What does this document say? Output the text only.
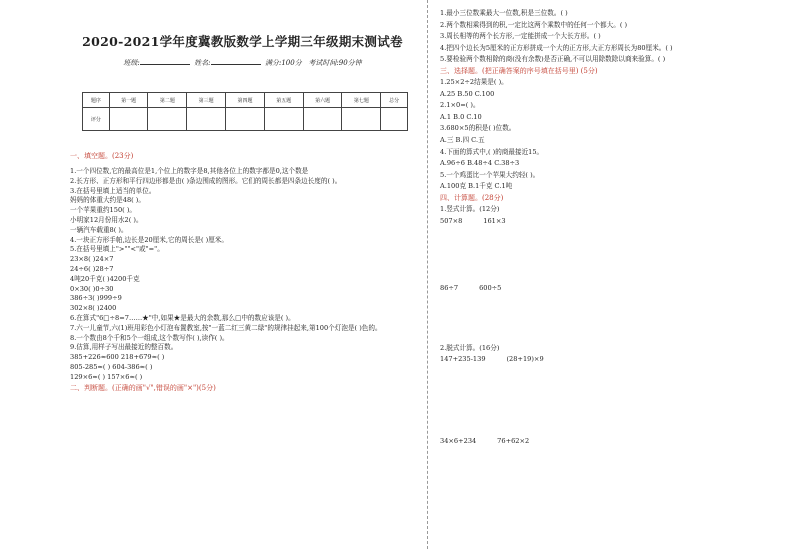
2020-2021学年度冀教版数学上学期三年级期末测试卷
班级:	姓名:	满分:100分 考试时间:90分钟
题序	第一题	第二题	第三题	第四题	第五题	第六题	第七题	总分
评分								
一、填空题。(23分)
1.一个四位数,它的最高位是1,个位上的数字是8,其他各位上的数字都是0,这个数是
2.长方形、正方形和平行四边形都是由( )条边围成的图形。它们的周长都是四条边长度的( )。
3.在括号里填上适当的单位。
妈妈的体重大约是48( )。
一个苹果重约150( )。
小明家12月份用水2( )。
一辆汽车载重8( )。
4.一块正方形手帕,边长是20厘米,它的周长是( )厘米。
5.在括号里填上">""<"或"="。
23×8( )24×7
24÷6( )28÷7
4吨20千克( )4200千克
0×30( )0÷30
386÷3( )999÷9
302×8( )2400
6.在算式"6□÷8=7……★"中,如果★是最大的余数,那么□中的数应该是( )。
7.六一儿童节,六(1)班用彩色小灯泡布置教室,按"一蓝二红三黄二绿"的规律挂起来,第100个灯泡是( )色的。
8.一个数由8个千和5个一组成,这个数写作( ),读作( )。
9.估算,用样子写出最接近的整百数。
385+226≈600 218+679≈( )
805-285≈( ) 604-386≈( )
129×6≈( ) 157×6≈( )
二、判断题。(正确的画"√",错误的画"×")(5分)
1.最小三位数乘最大一位数,积是三位数。( )
2.两个数相乘得到的积,一定比这两个乘数中的任何一个都大。( )
3.周长相等的两个长方形,一定能拼成一个大长方形。( )
4.把四个边长为5厘米的正方形拼成一个大的正方形,大正方形周长为80厘米。( )
5.要检验两个数相除的商(没有余数)是否正确,不可以用除数除以商来验算。( )
三、选择题。(把正确答案的序号填在括号里) (5分)
1.25×2÷2结果是( )。
A.25 B.50 C.100
2.1×0=( )。
A.1 B.0 C.10
3.680×5的积是( )位数。
A.三 B.四 C.五
4.下面的算式中,( )的商最接近15。
A.96÷6 B.48÷4 C.38÷3
5.一个鸡蛋比一个苹果大约轻( )。
A.100克 B.1千克 C.1吨
四、计算题。(28分)
1.竖式计算。(12分)
507×8          161×3
86÷7          600÷5
2.脱式计算。(16分)
147+235-139          (28+19)×9
34×6+234          76+62×2
